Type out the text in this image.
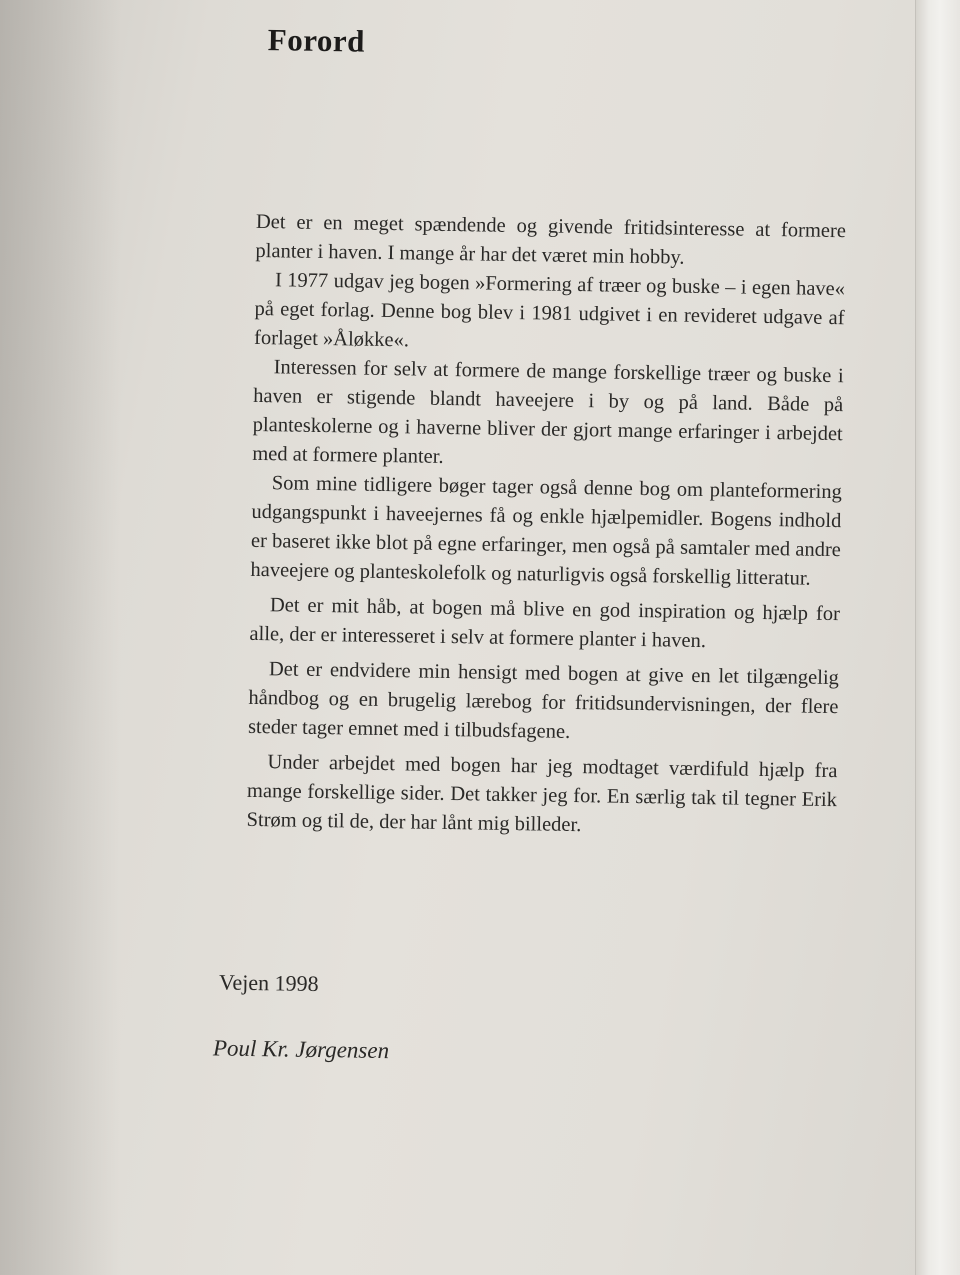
Forord

Det er en meget spændende og givende fritidsinteresse at formere planter i haven. I mange år har det været min hobby.

I 1977 udgav jeg bogen »Formering af træer og buske – i egen have« på eget forlag. Denne bog blev i 1981 udgivet i en revideret udgave af forlaget »Åløkke«.

Interessen for selv at formere de mange forskellige træer og buske i haven er stigende blandt haveejere i by og på land. Både på planteskolerne og i haverne bliver der gjort mange erfaringer i arbejdet med at formere planter.

Som mine tidligere bøger tager også denne bog om planteformering udgangspunkt i haveejernes få og enkle hjælpemidler. Bogens indhold er baseret ikke blot på egne erfaringer, men også på samtaler med andre haveejere og planteskolefolk og naturligvis også forskellig litteratur.

Det er mit håb, at bogen må blive en god inspiration og hjælp for alle, der er interesseret i selv at formere planter i haven.

Det er endvidere min hensigt med bogen at give en let tilgængelig håndbog og en brugelig lærebog for fritidsundervisningen, der flere steder tager emnet med i tilbudsfagene.

Under arbejdet med bogen har jeg modtaget værdifuld hjælp fra mange forskellige sider. Det takker jeg for. En særlig tak til tegner Erik Strøm og til de, der har lånt mig billeder.

Vejen 1998
Poul Kr. Jørgensen
